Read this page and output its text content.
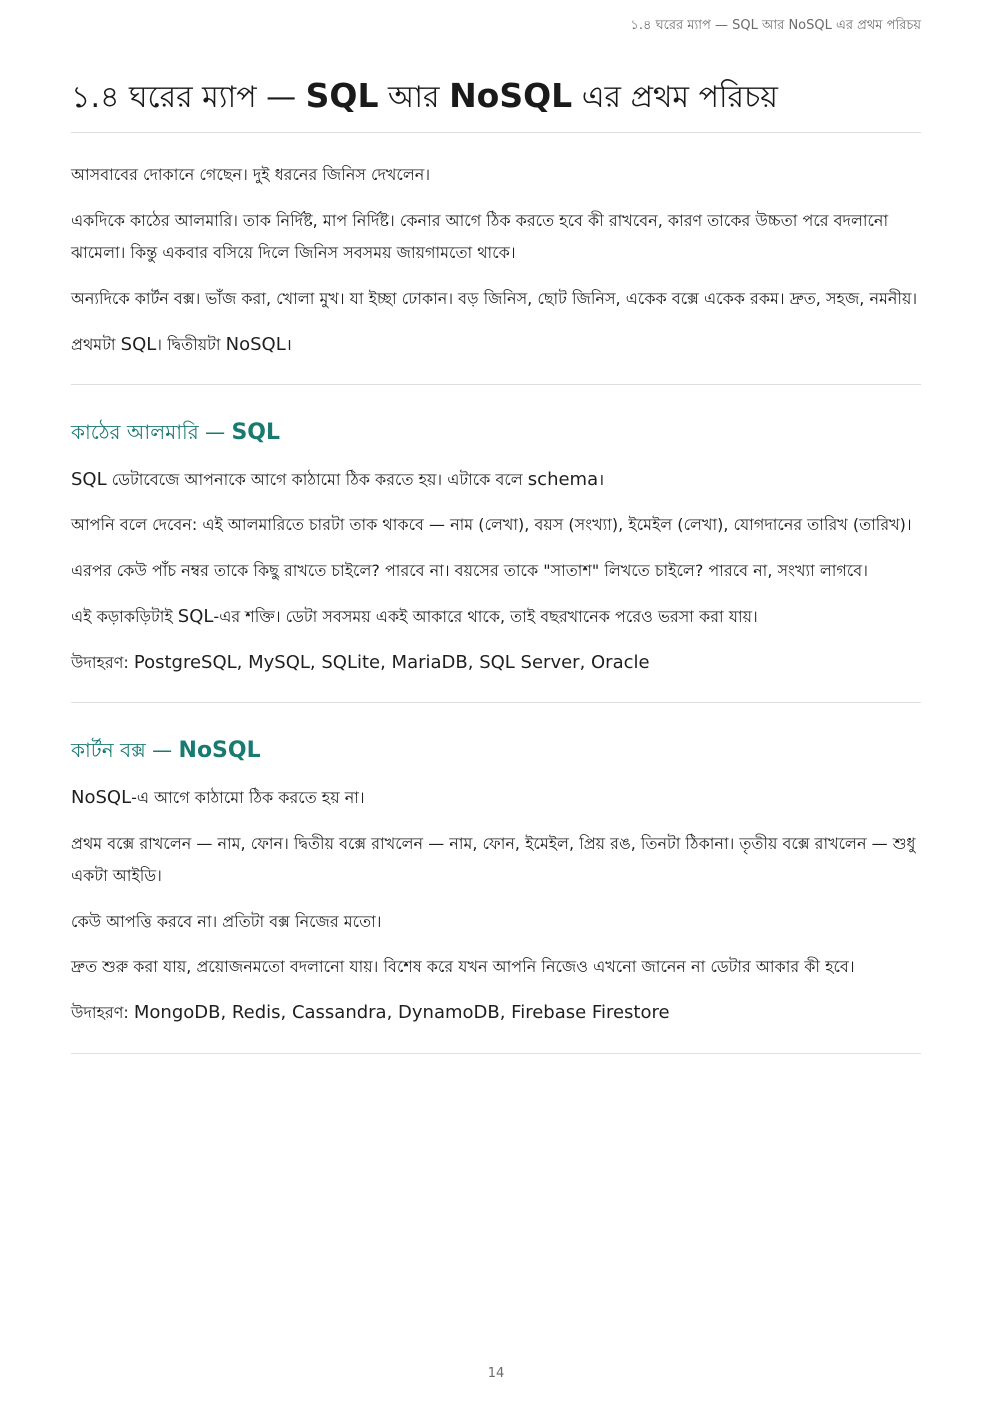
১.৪ ঘরের ম্যাপ — SQL আর NoSQL এর প্রথম পরিচয়
১.৪ ঘরের ম্যাপ — SQL আর NoSQL এর প্রথম পরিচয়

আসবাবের দোকানে গেছেন। দুই ধরনের জিনিস দেখলেন।

একদিকে কাঠের আলমারি। তাক নির্দিষ্ট, মাপ নির্দিষ্ট। কেনার আগে ঠিক করতে হবে কী রাখবেন, কারণ তাকের উচ্চতা পরে বদলানো ঝামেলা। কিন্তু একবার বসিয়ে দিলে জিনিস সবসময় জায়গামতো থাকে।

অন্যদিকে কার্টন বক্স। ভাঁজ করা, খোলা মুখ। যা ইচ্ছা ঢোকান। বড় জিনিস, ছোট জিনিস, একেক বক্সে একেক রকম। দ্রুত, সহজ, নমনীয়।

প্রথমটা SQL। দ্বিতীয়টা NoSQL।

কাঠের আলমারি — SQL

SQL ডেটাবেজে আপনাকে আগে কাঠামো ঠিক করতে হয়। এটাকে বলে schema।

আপনি বলে দেবেন: এই আলমারিতে চারটা তাক থাকবে — নাম (লেখা), বয়স (সংখ্যা), ইমেইল (লেখা), যোগদানের তারিখ (তারিখ)।

এরপর কেউ পাঁচ নম্বর তাকে কিছু রাখতে চাইলে? পারবে না। বয়সের তাকে "সাতাশ" লিখতে চাইলে? পারবে না, সংখ্যা লাগবে।

এই কড়াকড়িটাই SQL-এর শক্তি। ডেটা সবসময় একই আকারে থাকে, তাই বছরখানেক পরেও ভরসা করা যায়।

উদাহরণ: PostgreSQL, MySQL, SQLite, MariaDB, SQL Server, Oracle

কার্টন বক্স — NoSQL

NoSQL-এ আগে কাঠামো ঠিক করতে হয় না।

প্রথম বক্সে রাখলেন — নাম, ফোন। দ্বিতীয় বক্সে রাখলেন — নাম, ফোন, ইমেইল, প্রিয় রঙ, তিনটা ঠিকানা। তৃতীয় বক্সে রাখলেন — শুধু একটা আইডি।

কেউ আপত্তি করবে না। প্রতিটা বক্স নিজের মতো।

দ্রুত শুরু করা যায়, প্রয়োজনমতো বদলানো যায়। বিশেষ করে যখন আপনি নিজেও এখনো জানেন না ডেটার আকার কী হবে।

উদাহরণ: MongoDB, Redis, Cassandra, DynamoDB, Firebase Firestore

14
